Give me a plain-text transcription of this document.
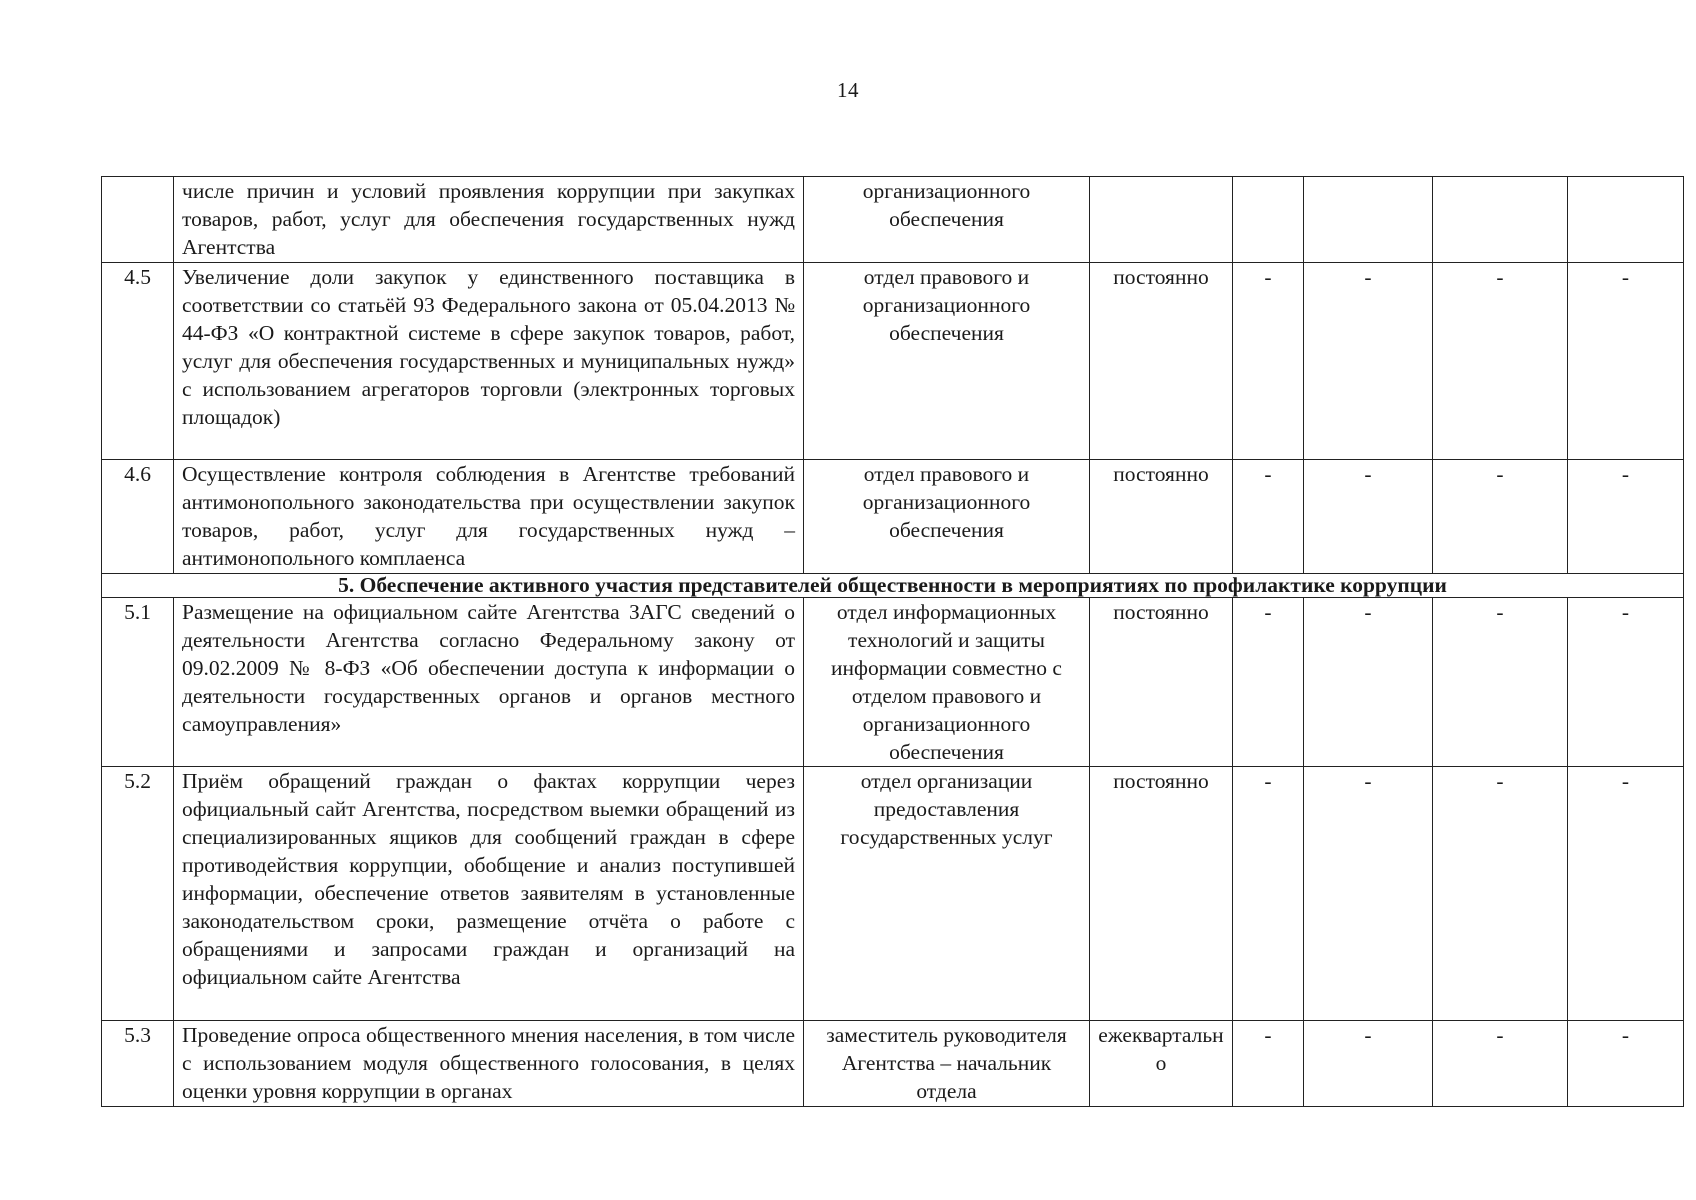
14
	числе причин и условий проявления коррупции при закупках товаров, работ, услуг для обеспечения государственных нужд Агентства	организационного обеспечения					
4.5	Увеличение доли закупок у единственного поставщика в соответствии со статьёй 93 Федерального закона от 05.04.2013 № 44-ФЗ «О контрактной системе в сфере закупок товаров, работ, услуг для обеспечения государственных и муниципальных нужд» с использованием агрегаторов торговли (электронных торговых площадок)	отдел правового и организационного обеспечения	постоянно	-	-	-	-
4.6	Осуществление контроля соблюдения в Агентстве требований антимонопольного законодательства при осуществлении закупок товаров, работ, услуг для государственных нужд – антимонопольного комплаенса	отдел правового и организационного обеспечения	постоянно	-	-	-	-
5. Обеспечение активного участия представителей общественности в мероприятиях по профилактике коррупции							
5.1	Размещение на официальном сайте Агентства ЗАГС сведений о деятельности Агентства согласно Федеральному закону от 09.02.2009 № 8-ФЗ «Об обеспечении доступа к информации о деятельности государственных органов и органов местного самоуправления»	отдел информационных технологий и защиты информации совместно с отделом правового и организационного обеспечения	постоянно	-	-	-	-
5.2	Приём обращений граждан о фактах коррупции через официальный сайт Агентства, посредством выемки обращений из специализированных ящиков для сообщений граждан в сфере противодействия коррупции, обобщение и анализ поступившей информации, обеспечение ответов заявителям в установленные законодательством сроки, размещение отчёта о работе с обращениями и запросами граждан и организаций на официальном сайте Агентства	отдел организации предоставления государственных услуг	постоянно	-	-	-	-
5.3	Проведение опроса общественного мнения населения, в том числе с использованием модуля общественного голосования, в целях оценки уровня коррупции в органах	заместитель руководителя Агентства – начальник отдела	ежеквартально	-	-	-	-
